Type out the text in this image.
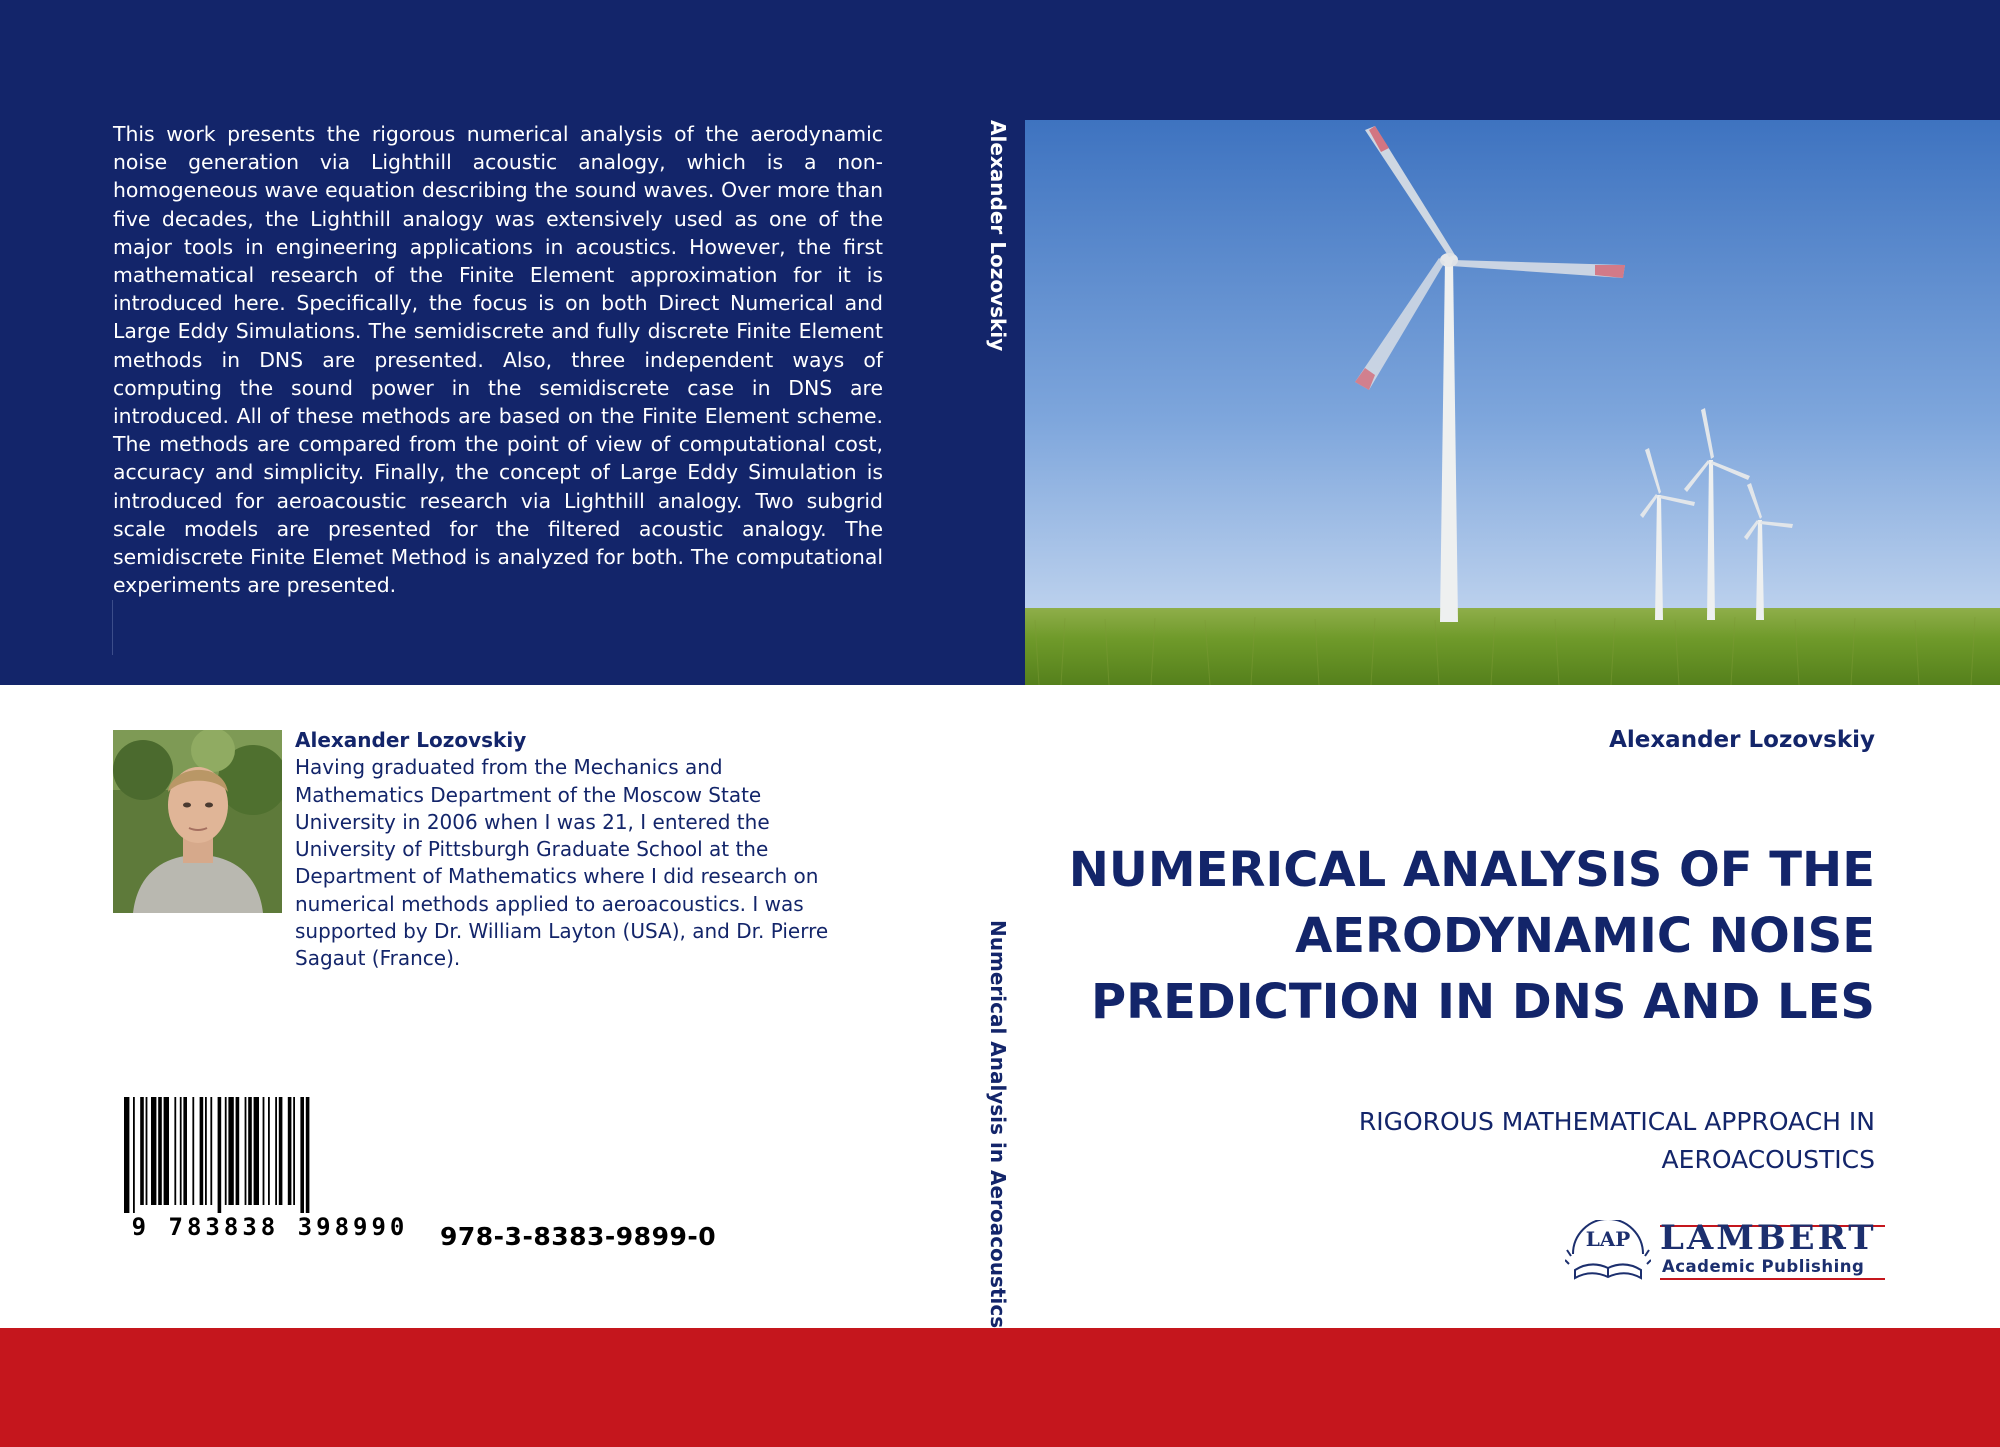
This work presents the rigorous numerical analysis of the aerodynamic noise generation via Lighthill acoustic analogy, which is a non-homogeneous wave equation describing the sound waves. Over more than five decades, the Lighthill analogy was extensively used as one of the major tools in engineering applications in acoustics. However, the first mathematical research of the Finite Element approximation for it is introduced here. Specifically, the focus is on both Direct Numerical and Large Eddy Simulations. The semidiscrete and fully discrete Finite Element methods in DNS are presented. Also, three independent ways of computing the sound power in the semidiscrete case in DNS are introduced. All of these methods are based on the Finite Element scheme. The methods are compared from the point of view of computational cost, accuracy and simplicity. Finally, the concept of Large Eddy Simulation is introduced for aeroacoustic research via Lighthill analogy. Two subgrid scale models are presented for the filtered acoustic analogy. The semidiscrete Finite Elemet Method is analyzed for both. The computational experiments are presented.
Alexander Lozovskiy
Numerical Analysis in Aeroacoustics
Alexander Lozovskiy
Having graduated from the Mechanics and Mathematics Department of the Moscow State University in 2006 when I was 21, I entered the University of Pittsburgh Graduate School at the Department of Mathematics where I did research on numerical methods applied to aeroacoustics. I was supported by Dr. William Layton (USA), and Dr. Pierre Sagaut (France).
9 783838 398990 978-3-8383-9899-0
Alexander Lozovskiy
NUMERICAL ANALYSIS OF THE AERODYNAMIC NOISE PREDICTION IN DNS AND LES
RIGOROUS MATHEMATICAL APPROACH IN AEROACOUSTICS
LAP LAMBERT
Academic Publishing
